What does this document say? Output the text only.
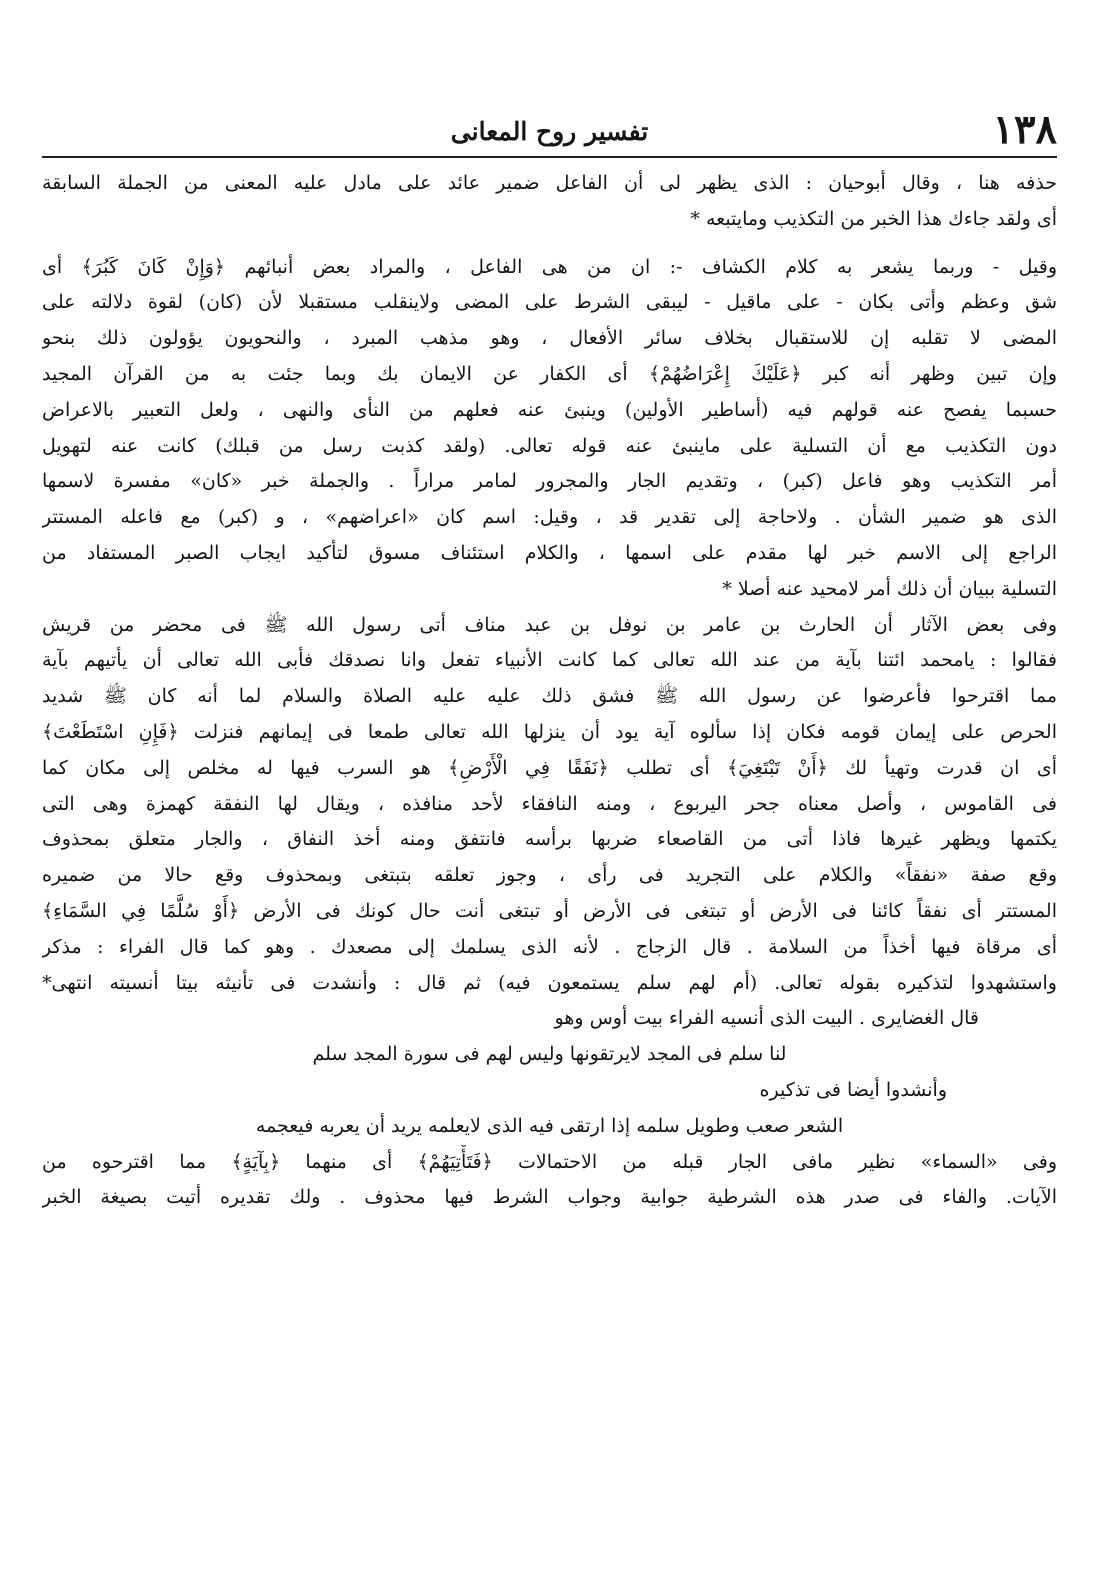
١٣٨
تفسير روح المعانى
حذفه هنا ، وقال أبوحيان : الذى يظهر لى أن الفاعل ضمير عائد على مادل عليه المعنى من الجملة السابقة
أى ولقد جاءك هذا الخبر من التكذيب ومايتبعه *
وقيل - وربما يشعر به كلام الكشاف -: ان من هى الفاعل ، والمراد بعض أنبائهم ﴿وَإِنْ كَانَ كَبُرَ﴾ أى
شق وعظم وأتى بكان - على ماقيل - ليبقى الشرط على المضى ولاينقلب مستقبلا لأن (كان) لقوة دلالته على
المضى لا تقلبه إن للاستقبال بخلاف سائر الأفعال ، وهو مذهب المبرد ، والنحويون يؤولون ذلك بنحو
وإن تبين وظهر أنه كبر ﴿عَلَيْكَ إِعْرَاضُهُمْ﴾ أى الكفار عن الايمان بك وبما جئت به من القرآن المجيد
حسبما يفصح عنه قولهم فيه (أساطير الأولين) وينبئ عنه فعلهم من النأى والنهى ، ولعل التعبير بالاعراض
دون التكذيب مع أن التسلية على ماينبئ عنه قوله تعالى. (ولقد كذبت رسل من قبلك) كانت عنه لتهويل
أمر التكذيب وهو فاعل (كبر) ، وتقديم الجار والمجرور لمامر مراراً . والجملة خبر «كان» مفسرة لاسمها
الذى هو ضمير الشأن . ولاحاجة إلى تقدير قد ، وقيل: اسم كان «اعراضهم» ، و (كبر) مع فاعله المستتر
الراجع إلى الاسم خبر لها مقدم على اسمها ، والكلام استئناف مسوق لتأكيد ايجاب الصبر المستفاد من
التسلية ببيان أن ذلك أمر لامحيد عنه أصلا *
وفى بعض الآثار أن الحارث بن عامر بن نوفل بن عبد مناف أتى رسول الله ﷺ فى محضر من قريش
فقالوا : يامحمد ائتنا بآية من عند الله تعالى كما كانت الأنبياء تفعل وانا نصدقك فأبى الله تعالى أن يأتيهم بآية
مما اقترحوا فأعرضوا عن رسول الله ﷺ فشق ذلك عليه عليه الصلاة والسلام لما أنه كان ﷺ شديد
الحرص على إيمان قومه فكان إذا سألوه آية يود أن ينزلها الله تعالى طمعا فى إيمانهم فنزلت ﴿فَإِنِ اسْتَطَعْتَ﴾
أى ان قدرت وتهيأ لك ﴿أَنْ تَبْتَغِيَ﴾ أى تطلب ﴿نَفَقًا فِي الْأَرْضِ﴾ هو السرب فيها له مخلص إلى مكان كما
فى القاموس ، وأصل معناه جحر اليربوع ، ومنه النافقاء لأحد منافذه ، ويقال لها النفقة كهمزة وهى التى
يكتمها ويظهر غيرها فاذا أتى من القاصعاء ضربها برأسه فانتفق ومنه أخذ النفاق ، والجار متعلق بمحذوف
وقع صفة «نفقاً» والكلام على التجريد فى رأى ، وجوز تعلقه بتبتغى وبمحذوف وقع حالا من ضميره
المستتر أى نفقاً كائنا فى الأرض أو تبتغى فى الأرض أو تبتغى أنت حال كونك فى الأرض ﴿أَوْ سُلَّمًا فِي السَّمَاءِ﴾
أى مرقاة فيها أخذاً من السلامة . قال الزجاج . لأنه الذى يسلمك إلى مصعدك . وهو كما قال الفراء : مذكر
واستشهدوا لتذكيره بقوله تعالى. (أم لهم سلم يستمعون فيه) ثم قال : وأنشدت فى تأنيثه بيتا أنسيته انتهى*
قال الغضايرى . البيت الذى أنسيه الفراء بيت أوس وهو
لنا سلم فى المجد لايرتقونها وليس لهم فى سورة المجد سلم
وأنشدوا أيضا فى تذكيره
الشعر صعب وطويل سلمه إذا ارتقى فيه الذى لايعلمه يريد أن يعربه فيعجمه
وفى «السماء» نظير مافى الجار قبله من الاحتمالات ﴿فَتَأْتِيَهُمْ﴾ أى منهما ﴿بِآيَةٍ﴾ مما اقترحوه من
الآيات. والفاء فى صدر هذه الشرطية جوابية وجواب الشرط فيها محذوف . ولك تقديره أتيت بصيغة الخبر
